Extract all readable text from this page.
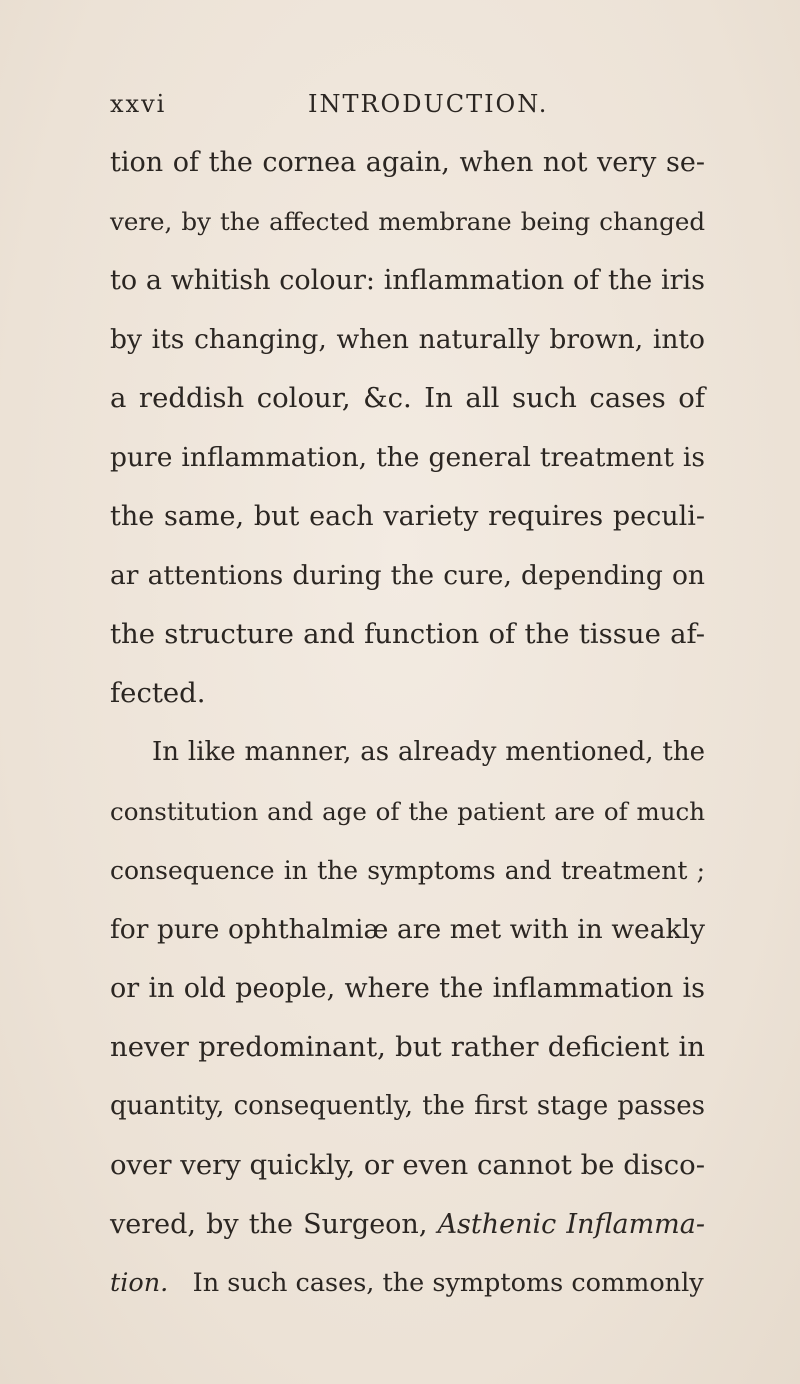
xxvi	INTRODUCTION.
tion of the cornea again, when not very se-
vere, by the affected membrane being changed
to a whitish colour: inflammation of the iris
by its changing, when naturally brown, into
a reddish colour, &c. In all such cases of
pure inflammation, the general treatment is
the same, but each variety requires peculi-
ar attentions during the cure, depending on
the structure and function of the tissue af-
fected.
In like manner, as already mentioned, the
constitution and age of the patient are of much
consequence in the symptoms and treatment ;
for pure ophthalmiæ are met with in weakly
or in old people, where the inflammation is
never predominant, but rather deficient in
quantity, consequently, the first stage passes
over very quickly, or even cannot be disco-
vered, by the Surgeon, Asthenic Inflamma-
tion. In such cases, the symptoms commonly
